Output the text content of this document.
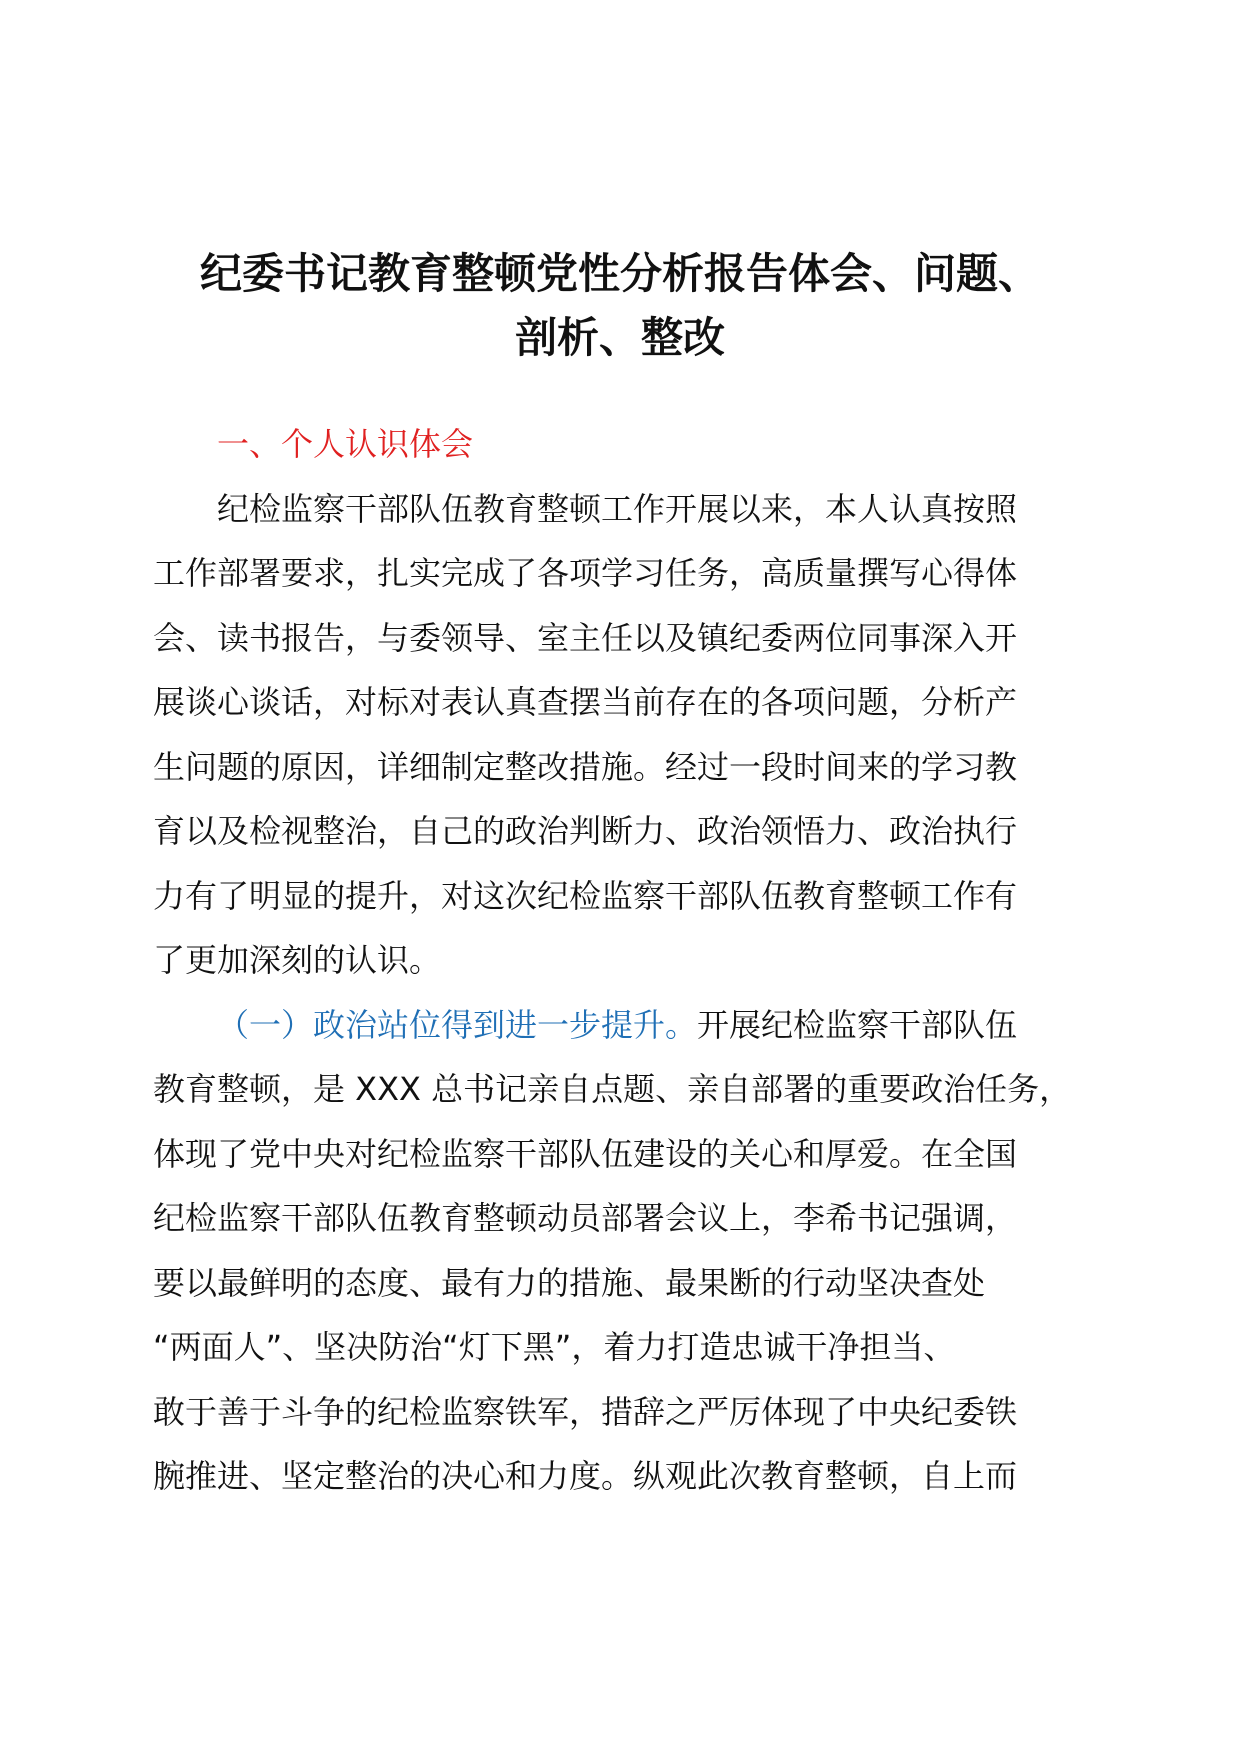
纪委书记教育整顿党性分析报告体会、问题、
剖析、整改
一、个人认识体会
纪检监察干部队伍教育整顿工作开展以来，本人认真按照
工作部署要求，扎实完成了各项学习任务，高质量撰写心得体
会、读书报告，与委领导、室主任以及镇纪委两位同事深入开
展谈心谈话，对标对表认真查摆当前存在的各项问题，分析产
生问题的原因，详细制定整改措施。经过一段时间来的学习教
育以及检视整治，自己的政治判断力、政治领悟力、政治执行
力有了明显的提升，对这次纪检监察干部队伍教育整顿工作有
了更加深刻的认识。
（一）政治站位得到进一步提升。开展纪检监察干部队伍
教育整顿，是 XXX 总书记亲自点题、亲自部署的重要政治任务，
体现了党中央对纪检监察干部队伍建设的关心和厚爱。在全国
纪检监察干部队伍教育整顿动员部署会议上，李希书记强调，
要以最鲜明的态度、最有力的措施、最果断的行动坚决查处
“两面人”、坚决防治“灯下黑”，着力打造忠诚干净担当、
敢于善于斗争的纪检监察铁军，措辞之严厉体现了中央纪委铁
腕推进、坚定整治的决心和力度。纵观此次教育整顿，自上而
